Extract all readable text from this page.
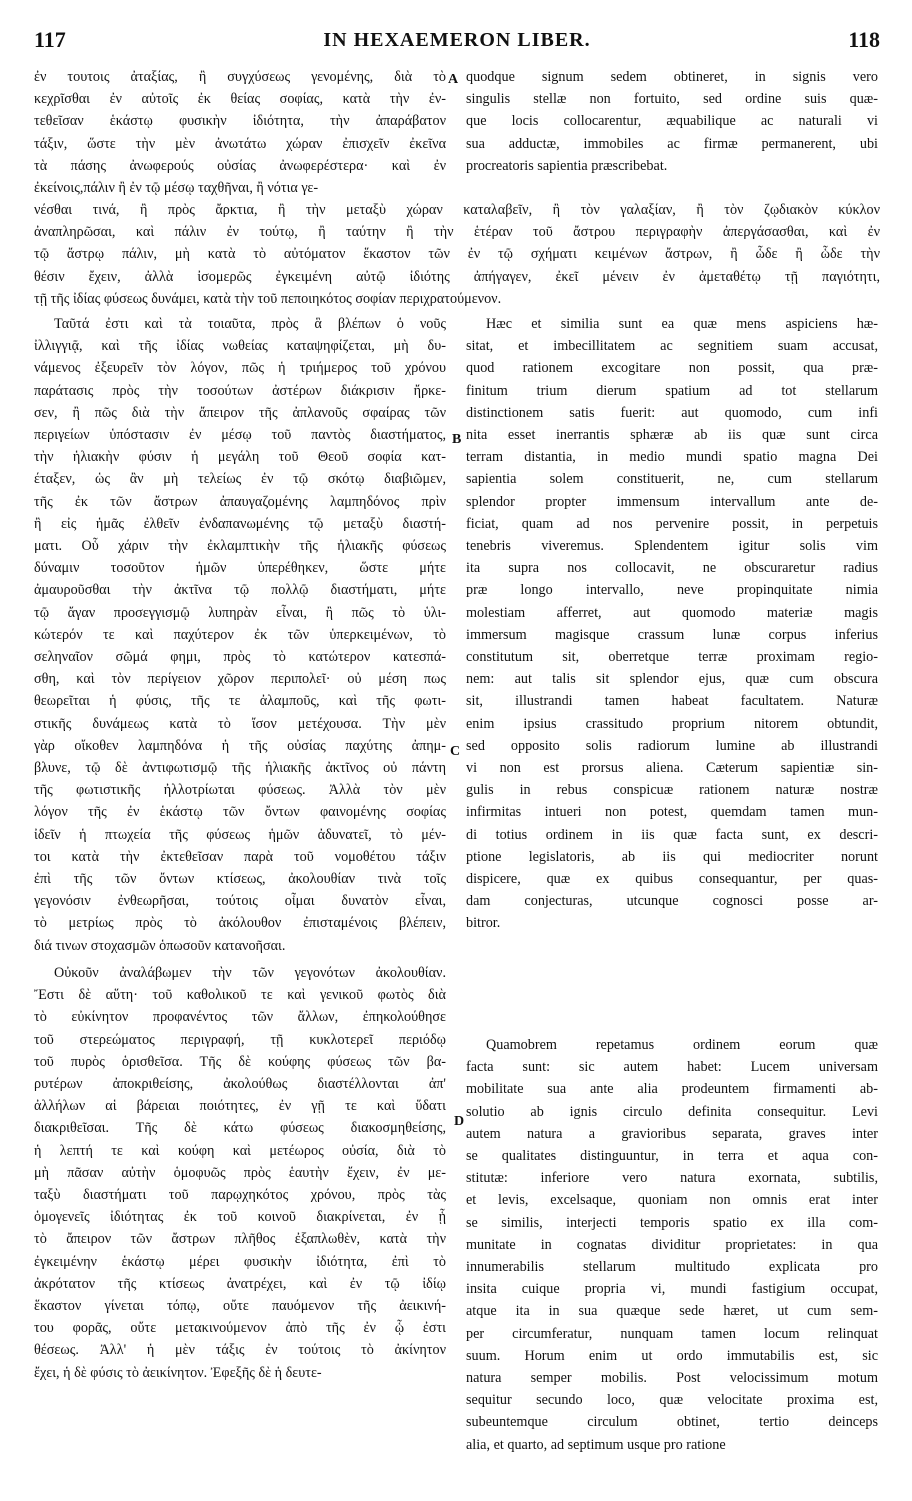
117	IN HEXAEMERON LIBER.	118
A
B
C
D
ἐν τουτοις ἀταξίας, ἢ συγχύσεως γενομένης, διὰ τὸ
κεχρῖσθαι ἐν αὐτοῖς ἐκ θείας σοφίας, κατὰ τὴν ἐν-
τεθεῖσαν ἑκάστῳ φυσικὴν ἰδιότητα, τὴν ἀπαράβατον
τάξιν, ὥστε τὴν μὲν ἀνωτάτω χώραν ἐπισχεῖν ἐκεῖνα
τὰ πάσης ἀνωφερούς οὐσίας ἀνωφερέστερα· καὶ ἐν
ἐκείνοις,πάλιν ἢ ἐν τῷ μέσῳ ταχθῆναι, ἢ νότια γε-
quodque signum sedem obtineret, in signis vero
singulis stellæ non fortuito, sed ordine suis quæ-
que locis collocarentur, æquabilique ac naturali vi
sua adductæ, immobiles ac firmæ permanerent, ubi
procreatoris sapientia præscribebat.
νέσθαι τινά, ἢ πρὸς ἄρκτια, ἢ τὴν μεταξὺ χώραν καταλαβεῖν, ἢ τὸν γαλαξίαν, ἢ τὸν ζῳδιακὸν κύκλον
ἀναπληρῶσαι, καὶ πάλιν ἐν τούτῳ, ἢ ταύτην ἢ τὴν ἑτέραν τοῦ ἄστρου περιγραφὴν ἀπεργάσασθαι, καὶ ἐν
τῷ ἄστρῳ πάλιν, μὴ κατὰ τὸ αὐτόματον ἕκαστον τῶν ἐν τῷ σχήματι κειμένων ἄστρων, ἢ ὧδε ἢ ὧδε τὴν
θέσιν ἔχειν, ἀλλὰ ἰσομερῶς ἐγκειμένη αὐτῷ ἰδιότης ἀπήγαγεν, ἐκεῖ μένειν ἐν ἀμεταθέτῳ τῇ παγιότητι,
τῇ τῆς ἰδίας φύσεως δυνάμει, κατὰ τὴν τοῦ πεποιηκότος σοφίαν περιχρατούμενον.
Ταῦτά ἐστι καὶ τὰ τοιαῦτα, πρὸς ἃ βλέπων ὁ νοῦς
ἰλλιγγιᾷ, καὶ τῆς ἰδίας νωθείας καταψηφίζεται, μὴ δυ-
νάμενος ἐξευρεῖν τὸν λόγον, πῶς ἡ τριήμερος τοῦ χρόνου
παράτασις πρὸς τὴν τοσούτων ἀστέρων διάκρισιν ἤρκε-
σεν, ἢ πῶς διὰ τὴν ἄπειρον τῆς ἀπλανοῦς σφαίρας τῶν
περιγείων ὑπόστασιν ἐν μέσῳ τοῦ παντὸς διαστήματος,
τὴν ἡλιακὴν φύσιν ἡ μεγάλη τοῦ Θεοῦ σοφία κατ-
έταξεν, ὡς ἂν μὴ τελείως ἐν τῷ σκότῳ διαβιῶμεν,
τῆς ἐκ τῶν ἄστρων ἀπαυγαζομένης λαμπηδόνος πρὶν
ἢ εἰς ἡμᾶς ἐλθεῖν ἐνδαπανωμένης τῷ μεταξὺ διαστή-
ματι. Οὗ χάριν τὴν ἐκλαμπτικὴν τῆς ἡλιακῆς φύσεως
δύναμιν τοσοῦτον ἡμῶν ὑπερέθηκεν, ὥστε μήτε
ἀμαυροῦσθαι τὴν ἀκτῖνα τῷ πολλῷ διαστήματι, μήτε
τῷ ἄγαν προσεγγισμῷ λυπηρὰν εἶναι, ἢ πῶς τὸ ὑλι-
κώτερόν τε καὶ παχύτερον ἐκ τῶν ὑπερκειμένων, τὸ
σεληναῖον σῶμά φημι, πρὸς τὸ κατώτερον κατεσπά-
σθη, καὶ τὸν περίγειον χῶρον περιπολεῖ· οὐ μέση πως
θεωρεῖται ἡ φύσις, τῆς τε ἀλαμποῦς, καὶ τῆς φωτι-
στικῆς δυνάμεως κατὰ τὸ ἴσον μετέχουσα. Τὴν μὲν
γὰρ οἴκοθεν λαμπηδόνα ἡ τῆς οὐσίας παχύτης ἀπημ-
βλυνε, τῷ δὲ ἀντιφωτισμῷ τῆς ἡλιακῆς ἀκτῖνος οὐ πάντη
τῆς φωτιστικῆς ἠλλοτρίωται φύσεως. Ἀλλὰ τὸν μὲν
λόγον τῆς ἐν ἑκάστῳ τῶν ὄντων φαινομένης σοφίας
ἰδεῖν ἡ πτωχεία τῆς φύσεως ἡμῶν ἀδυνατεῖ, τὸ μέν-
τοι κατὰ τὴν ἐκτεθεῖσαν παρὰ τοῦ νομοθέτου τάξιν
ἐπὶ τῆς τῶν ὄντων κτίσεως, ἀκολουθίαν τινὰ τοῖς
γεγονόσιν ἐνθεωρῆσαι, τούτοις οἶμαι δυνατὸν εἶναι,
τὸ μετρίως πρὸς τὸ ἀκόλουθον ἐπισταμένοις βλέπειν,
διά τινων στοχασμῶν ὁπωσοῦν κατανοῆσαι.
Hæc et similia sunt ea quæ mens aspiciens hæ-
sitat, et imbecillitatem ac segnitiem suam accusat,
quod rationem excogitare non possit, qua præ-
finitum trium dierum spatium ad tot stellarum
distinctionem satis fuerit: aut quomodo, cum infi
nita esset inerrantis sphæræ ab iis quæ sunt circa
terram distantia, in medio mundi spatio magna Dei
sapientia solem constituerit, ne, cum stellarum
splendor propter immensum intervallum ante de-
ficiat, quam ad nos pervenire possit, in perpetuis
tenebris viveremus. Splendentem igitur solis vim
ita supra nos collocavit, ne obscuraretur radius
præ longo intervallo, neve propinquitate nimia
molestiam afferret, aut quomodo materiæ magis
immersum magisque crassum lunæ corpus inferius
constitutum sit, oberretque terræ proximam regio-
nem: aut talis sit splendor ejus, quæ cum obscura
sit, illustrandi tamen habeat facultatem. Naturæ
enim ipsius crassitudo proprium nitorem obtundit,
sed opposito solis radiorum lumine ab illustrandi
vi non est prorsus aliena. Cæterum sapientiæ sin-
gulis in rebus conspicuæ rationem naturæ nostræ
infirmitas intueri non potest, quemdam tamen mun-
di totius ordinem in iis quæ facta sunt, ex descri-
ptione legislatoris, ab iis qui mediocriter norunt
dispicere, quæ ex quibus consequantur, per quas-
dam conjecturas, utcunque cognosci posse ar-
bitror.
Οὐκοῦν ἀναλάβωμεν τὴν τῶν γεγονότων ἀκολουθίαν.
Ἔστι δὲ αὕτη· τοῦ καθολικοῦ τε καὶ γενικοῦ φωτὸς διὰ
τὸ εὐκίνητον προφανέντος τῶν ἄλλων, ἐπηκολούθησε
τοῦ στερεώματος περιγραφή, τῇ κυκλοτερεῖ περιόδῳ
τοῦ πυρὸς ὁρισθεῖσα. Τῆς δὲ κούφης φύσεως τῶν βα-
ρυτέρων ἀποκριθείσης, ἀκολούθως διαστέλλονται ἀπ'
ἀλλήλων αἱ βάρειαι ποιότητες, ἐν γῇ τε καὶ ὕδατι
διακριθεῖσαι. Τῆς δὲ κάτω φύσεως διακοσμηθείσης,
ἡ λεπτή τε καὶ κούφη καὶ μετέωρος οὐσία, διὰ τὸ
μὴ πᾶσαν αὐτὴν ὁμοφυῶς πρὸς ἑαυτὴν ἔχειν, ἐν με-
ταξὺ διαστήματι τοῦ παρῳχηκότος χρόνου, πρὸς τὰς
ὁμογενεῖς ἰδιότητας ἐκ τοῦ κοινοῦ διακρίνεται, ἐν ᾗ
τὸ ἄπειρον τῶν ἄστρων πλῆθος ἐξαπλωθὲν, κατὰ τὴν
ἐγκειμένην ἑκάστῳ μέρει φυσικὴν ἰδιότητα, ἐπὶ τὸ
ἀκρότατον τῆς κτίσεως ἀνατρέχει, καὶ ἐν τῷ ἰδίῳ
ἕκαστον γίνεται τόπῳ, οὔτε παυόμενον τῆς ἀεικινή-
του φορᾶς, οὔτε μετακινούμενον ἀπὸ τῆς ἐν ᾧ ἐστι
θέσεως. Ἀλλ' ἡ μὲν τάξις ἐν τούτοις τὸ ἀκίνητον
ἔχει, ἡ δὲ φύσις τὸ ἀεικίνητον. Ἐφεξῆς δὲ ἡ δευτε-
Quamobrem repetamus ordinem eorum quæ
facta sunt: sic autem habet: Lucem universam
mobilitate sua ante alia prodeuntem firmamenti ab-
solutio ab ignis circulo definita consequitur. Levi
autem natura a gravioribus separata, graves inter
se qualitates distinguuntur, in terra et aqua con-
stitutæ: inferiore vero natura exornata, subtilis,
et levis, excelsaque, quoniam non omnis erat inter
se similis, interjecti temporis spatio ex illa com-
munitate in cognatas dividitur proprietates: in qua
innumerabilis stellarum multitudo explicata pro
insita cuique propria vi, mundi fastigium occupat,
atque ita in sua quæque sede hæret, ut cum sem-
per circumferatur, nunquam tamen locum relinquat
suum. Horum enim ut ordo immutabilis est, sic
natura semper mobilis. Post velocissimum motum
sequitur secundo loco, quæ velocitate proxima est,
subeuntemque circulum obtinet, tertio deinceps
alia, et quarto, ad septimum usque pro ratione
